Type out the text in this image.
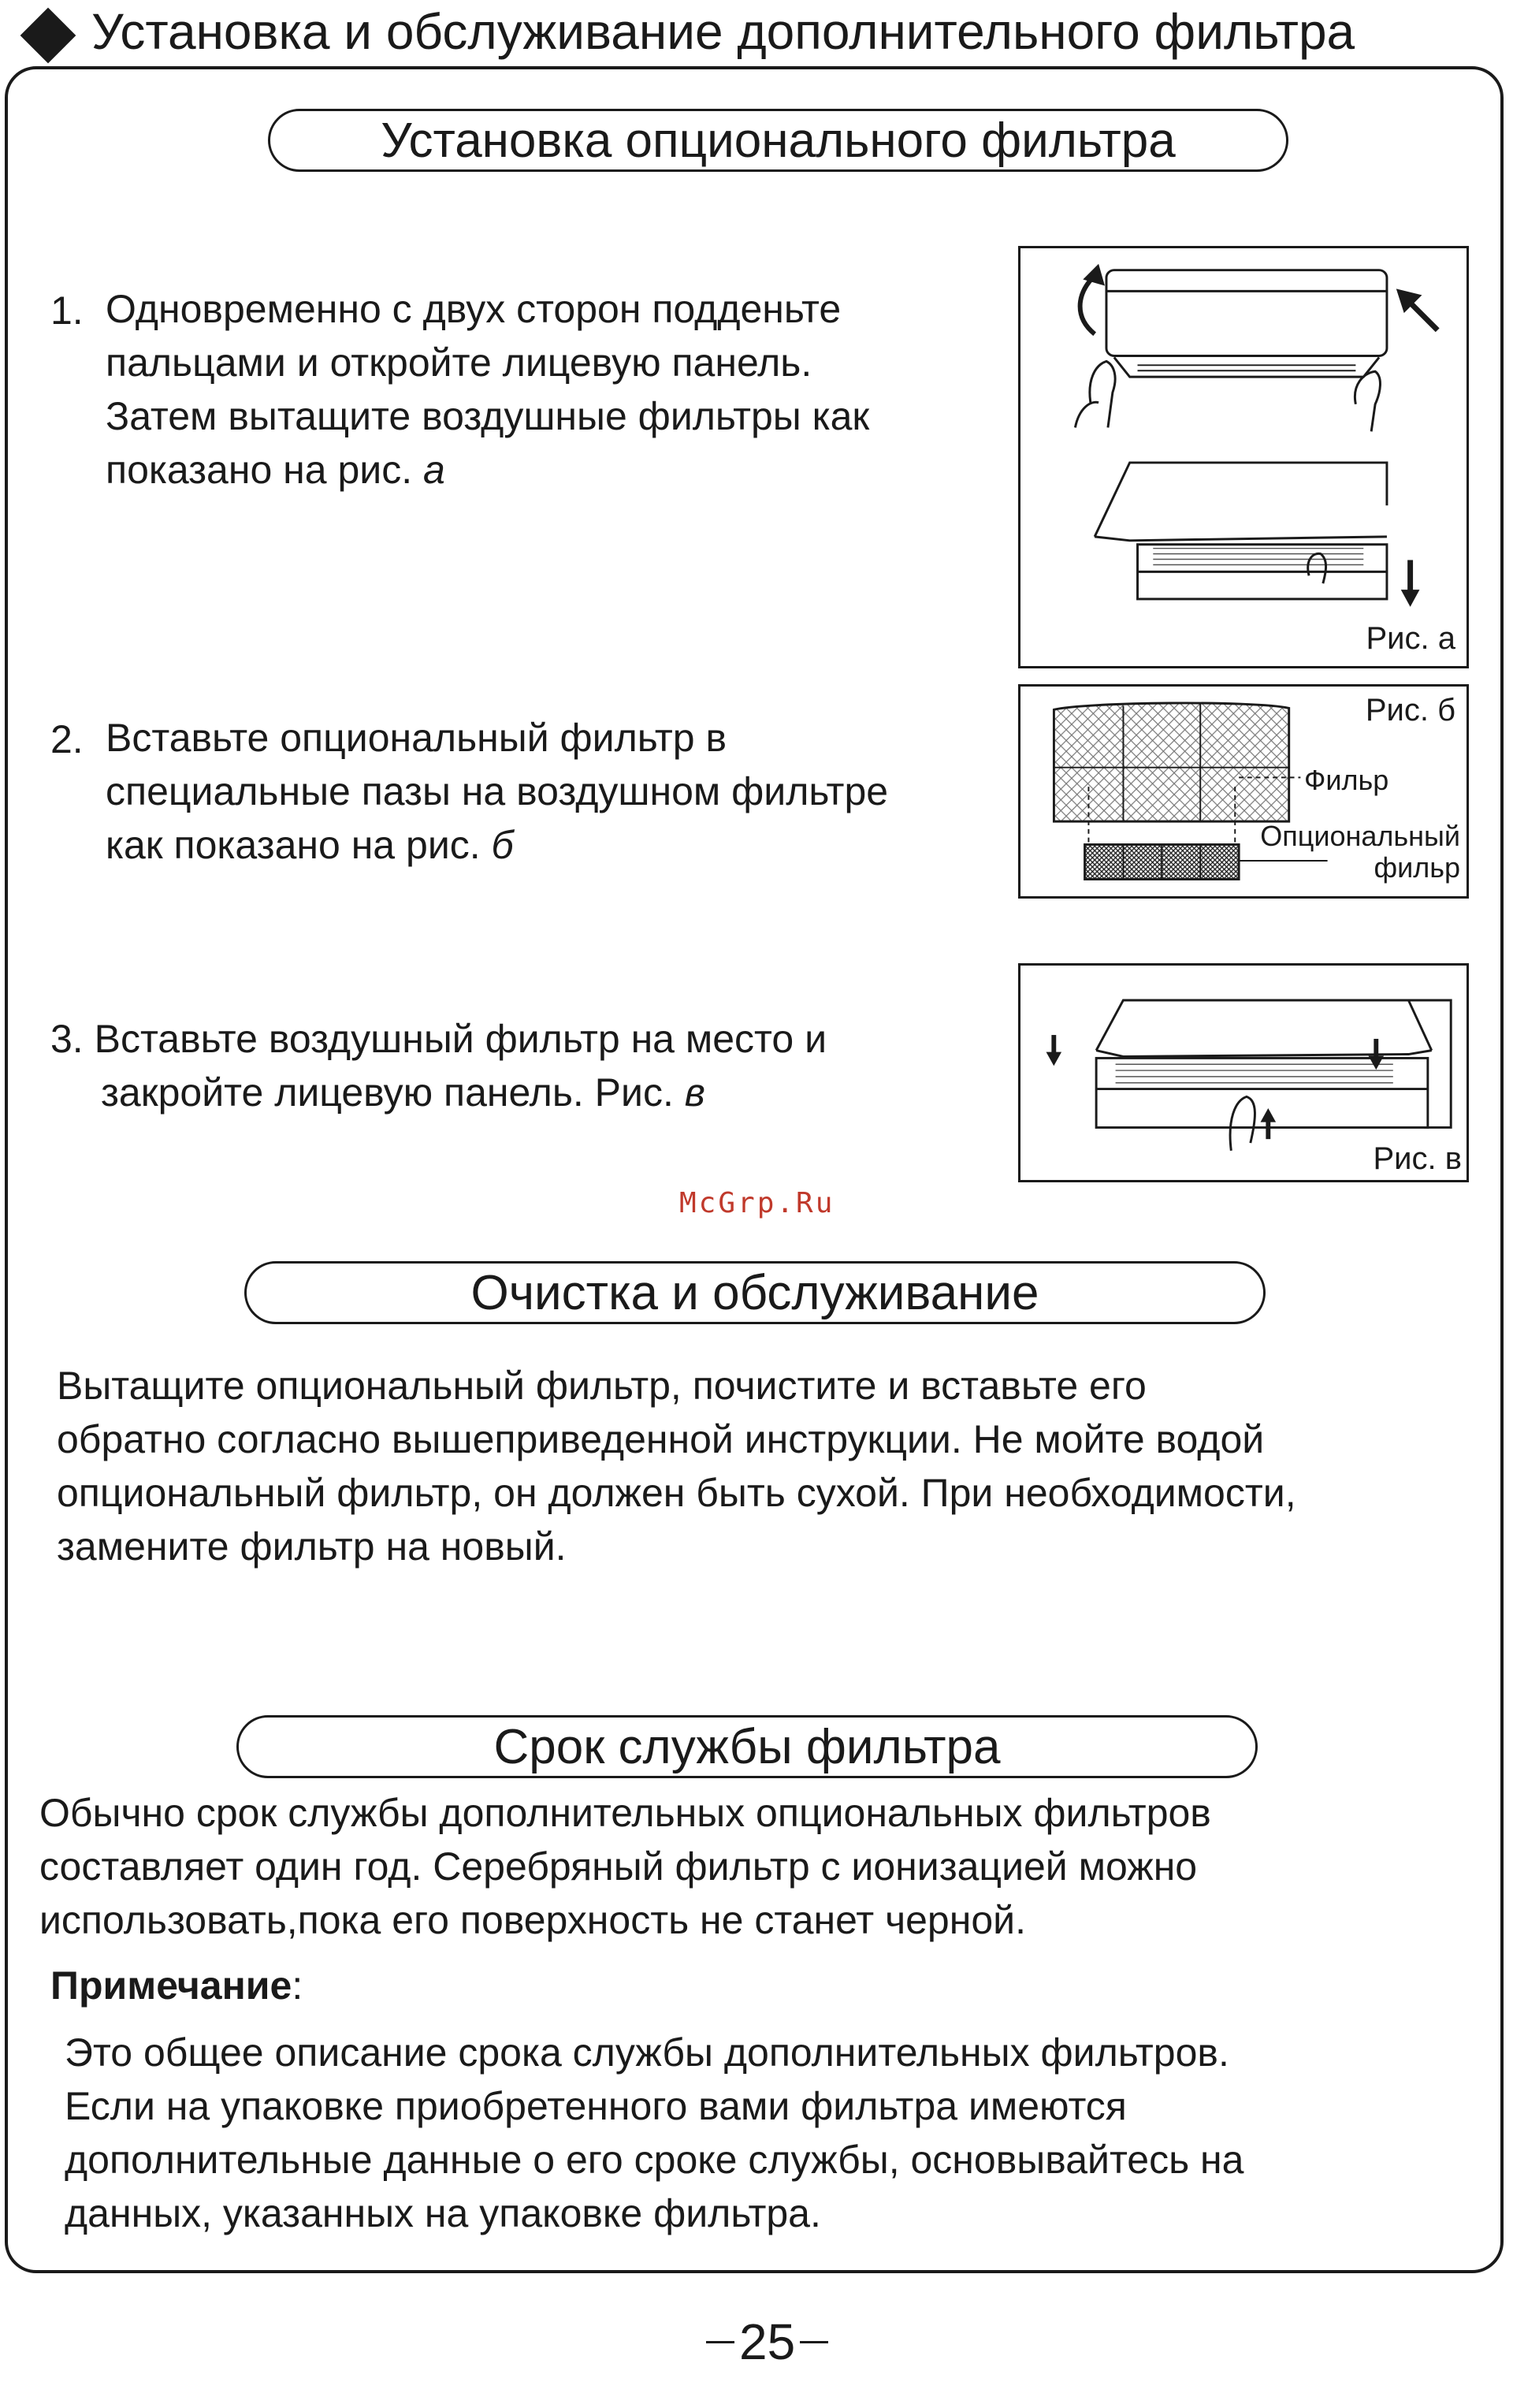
Установка и обслуживание дополнительного фильтра
Установка опционального фильтра
1. Одновременно с двух сторон подденьте
пальцами и откройте лицевую панель.
Затем вытащите воздушные фильтры как
показано на рис. а
Рис. а
2. Вставьте опциональный фильтр в
специальные пазы на воздушном фильтре
как показано на рис. б
Рис. б
Фильр
Опциональный
фильр
3. Вставьте воздушный фильтр на место и
закройте лицевую панель. Рис. в
Рис. в
McGrp.Ru
Очистка и обслуживание
Вытащите опциональный фильтр, почистите и вставьте его
обратно согласно вышеприведенной инструкции. Не мойте водой
опциональный фильтр, он должен быть сухой. При необходимости,
замените фильтр на новый.
Срок службы фильтра
Обычно срок службы дополнительных опциональных фильтров
составляет один год. Серебряный фильтр с ионизацией можно
использовать,пока его поверхность не станет черной.
Примечание:
Это общее описание срока службы дополнительных фильтров.
Если на упаковке приобретенного вами фильтра имеются
дополнительные данные о его сроке службы, основывайтесь на
данных, указанных на упаковке фильтра.
25
